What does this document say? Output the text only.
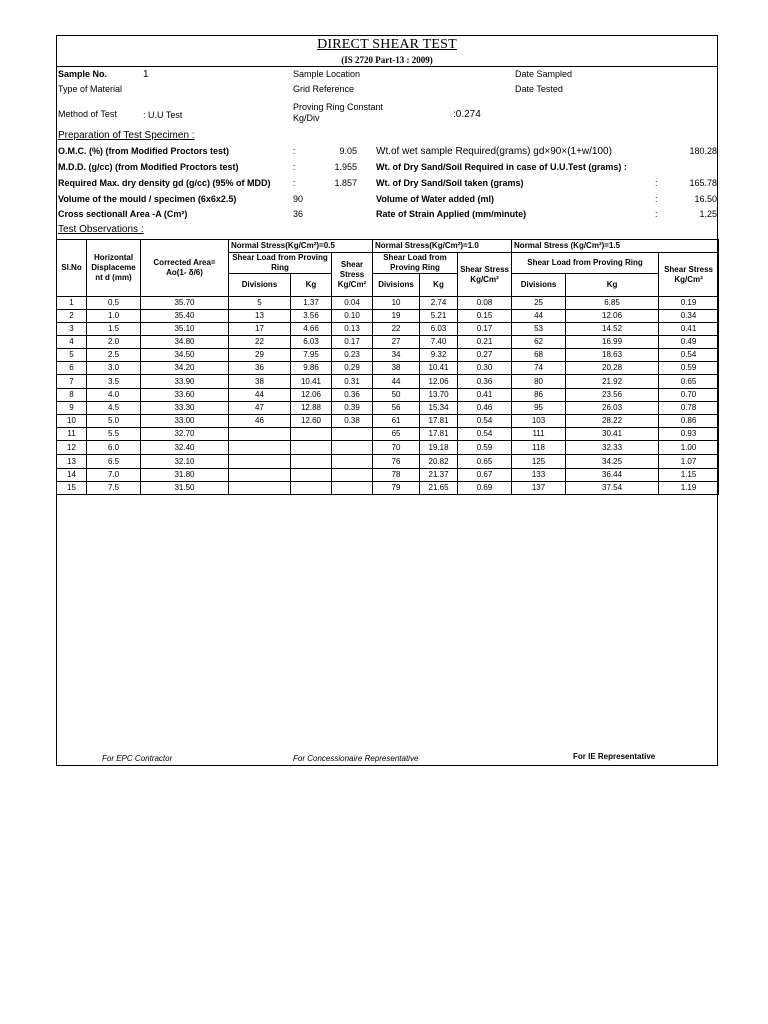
DIRECT SHEAR TEST
(IS 2720 Part-13 : 2009)
Sample No.	1	Sample Location	Date Sampled
Type of Material	Grid Reference	Date Tested
Method of Test	: U.U Test
Proving Ring Constant
Kg/Div	:0.274
Preparation of Test Specimen :
O.M.C. (%) (from Modified Proctors test)	:	9.05 Wt.of wet sample Required(grams) gd×90×(1+w/100)	180.28
M.D.D. (g/cc) (from Modified Proctors test)	:	1.955 Wt. of Dry Sand/Soil Required in case of U.U.Test (grams) :
Required Max. dry density gd (g/cc) (95% of MDD) :	1.857 Wt. of Dry Sand/Soil taken (grams)	:	165.78
Volume of the mould / specimen (6x6x2.5)	90	Volume of Water added (ml)	:	16.50
Cross sectionall Area -A (Cm²)	36	Rate of Strain Applied (mm/minute)	:	1.25
Test Observations :
Sl.No	Horizontal Displaceme nt d (mm)	Corrected Area= Ao(1- δ/6)	Normal Stress(Kg/Cm²)=0.5			Normal Stress(Kg/Cm²)=1.0			Normal Stress (Kg/Cm²)=1.5		
			Shear Load from Proving Ring		Shear Stress Kg/Cm²	Shear Load from Proving Ring		Shear Stress Kg/Cm²	Shear Load from Proving Ring		Shear Stress Kg/Cm²
			Divisions	Kg		Divisions	Kg		Divisions	Kg	
1	0.5	35.70	5	1.37	0.04	10	2.74	0.08	25	6.85	0.19
2	1.0	35.40	13	3.56	0.10	19	5.21	0.15	44	12.06	0.34
3	1.5	35.10	17	4.66	0.13	22	6.03	0.17	53	14.52	0.41
4	2.0	34.80	22	6.03	0.17	27	7.40	0.21	62	16.99	0.49
5	2.5	34.50	29	7.95	0.23	34	9.32	0.27	68	18.63	0.54
6	3.0	34.20	36	9.86	0.29	38	10.41	0.30	74	20.28	0.59
7	3.5	33.90	38	10.41	0.31	44	12.06	0.36	80	21.92	0.65
8	4.0	33.60	44	12.06	0.36	50	13.70	0.41	86	23.56	0.70
9	4.5	33.30	47	12.88	0.39	56	15.34	0.46	95	26.03	0.78
10	5.0	33.00	46	12.60	0.38	61	17.81	0.54	103	28.22	0.86
11	5.5	32.70				65	17.81	0.54	111	30.41	0.93
12	6.0	32.40				70	19.18	0.59	118	32.33	1.00
13	6.5	32.10				76	20.82	0.65	125	34.25	1.07
14	7.0	31.80				78	21.37	0.67	133	36.44	1.15
15	7.5	31.50				79	21.65	0.69	137	37.54	1.19
For EPC Contractor	For Concessionaire Representative	For IE Representative
